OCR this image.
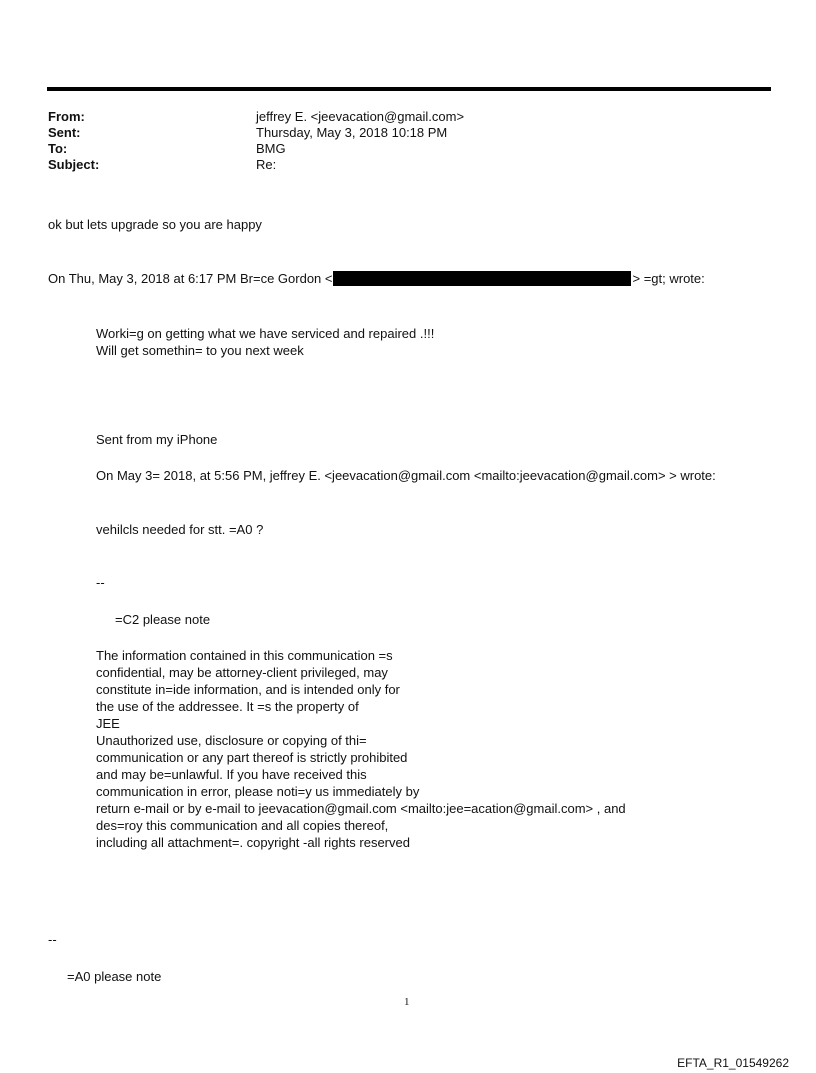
From:	jeffrey E. <jeevacation@gmail.com>
Sent:	Thursday, May 3, 2018 10:18 PM
To:	BMG
Subject:	Re:
ok but lets upgrade so you are happy
On Thu, May 3, 2018 at 6:17 PM Br=ce Gordon <	> =gt; wrote:
Worki=g on getting what we have serviced and repaired .!!!
Will get somethin= to you next week
Sent from my iPhone
On May 3= 2018, at 5:56 PM, jeffrey E. <jeevacation@gmail.com <mailto:jeevacation@gmail.com> > wrote:
vehilcls needed for stt. =A0 ?
--
=C2 please note
The information contained in this communication =s
confidential, may be attorney-client privileged, may
constitute in=ide information, and is intended only for
the use of the addressee. It =s the property of
JEE
Unauthorized use, disclosure or copying of thi=
communication or any part thereof is strictly prohibited
and may be=unlawful. If you have received this
communication in error, please noti=y us immediately by
return e-mail or by e-mail to jeevacation@gmail.com <mailto:jee=acation@gmail.com> , and
des=roy this communication and all copies thereof,
including all attachment=. copyright -all rights reserved
--
=A0 please note
1
EFTA_R1_01549262
